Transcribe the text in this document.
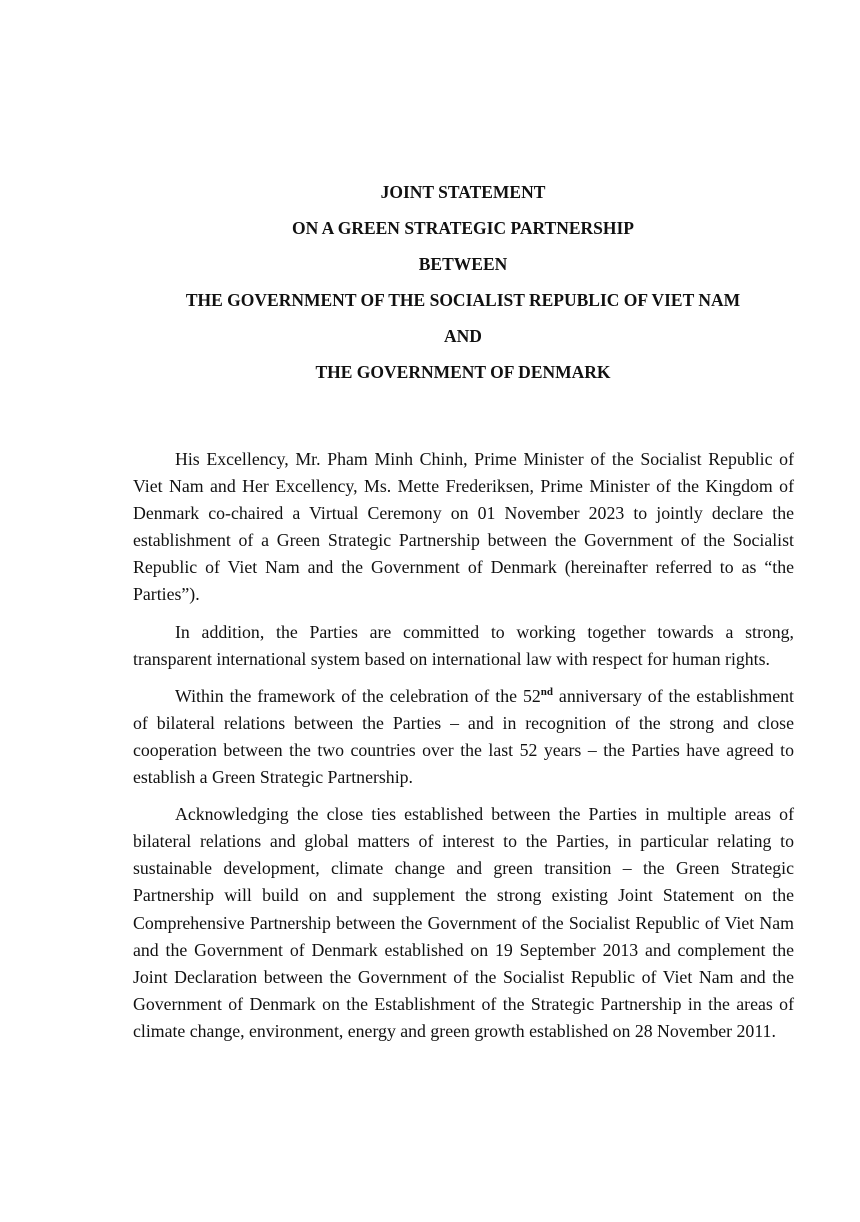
JOINT STATEMENT
ON A GREEN STRATEGIC PARTNERSHIP
BETWEEN
THE GOVERNMENT OF THE SOCIALIST REPUBLIC OF VIET NAM
AND
THE GOVERNMENT OF DENMARK

His Excellency, Mr. Pham Minh Chinh, Prime Minister of the Socialist Republic of Viet Nam and Her Excellency, Ms. Mette Frederiksen, Prime Minister of the Kingdom of Denmark co-chaired a Virtual Ceremony on 01 November 2023 to jointly declare the establishment of a Green Strategic Partnership between the Government of the Socialist Republic of Viet Nam and the Government of Denmark (hereinafter referred to as “the Parties”).

In addition, the Parties are committed to working together towards a strong, transparent international system based on international law with respect for human rights.

Within the framework of the celebration of the 52nd anniversary of the establishment of bilateral relations between the Parties – and in recognition of the strong and close cooperation between the two countries over the last 52 years – the Parties have agreed to establish a Green Strategic Partnership.

Acknowledging the close ties established between the Parties in multiple areas of bilateral relations and global matters of interest to the Parties, in particular relating to sustainable development, climate change and green transition – the Green Strategic Partnership will build on and supplement the strong existing Joint Statement on the Comprehensive Partnership between the Government of the Socialist Republic of Viet Nam and the Government of Denmark established on 19 September 2013 and complement the Joint Declaration between the Government of the Socialist Republic of Viet Nam and the Government of Denmark on the Establishment of the Strategic Partnership in the areas of climate change, environment, energy and green growth established on 28 November 2011.
